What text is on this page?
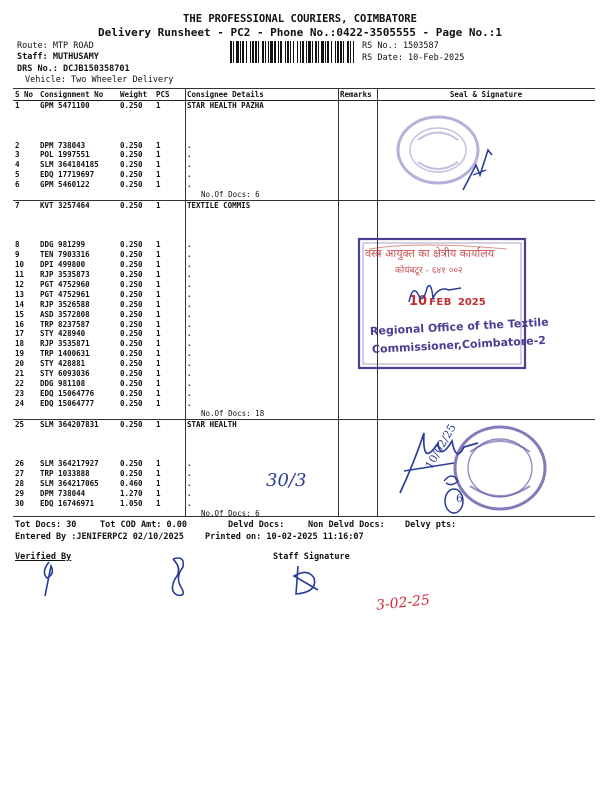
THE PROFESSIONAL COURIERS, COIMBATORE
Delivery Runsheet - PC2 - Phone No.:0422-3505555 - Page No.:1
Route: MTP ROAD
Staff: MUTHUSAMY
DRS No.: DCJB150358701
Vehicle: Two Wheeler Delivery
RS No.: 1503587
RS Date: 10-Feb-2025
S No	Consignment No	Weight	PCS	Consignee Details	Remarks	Seal & Signature
1	GPM 5471100	0.250	1	STAR HEALTH PAZHA		

2	DPM 738043	0.250	1	.		
3	POL 1997551	0.250	1	.		
4	SLM 364184185	0.250	1	.		
5	EDQ 17719697	0.250	1	.		
6	GPM 5460122	0.250	1	.		
				No.Of Docs: 6		
7	KVT 3257464	0.250	1	TEXTILE COMMIS		

8	DDG 981299	0.250	1	.		
9	TEN 7903316	0.250	1	.		
10	DPI 499800	0.250	1	.		
11	RJP 3535873	0.250	1	.		
12	PGT 4752960	0.250	1	.		
13	PGT 4752961	0.250	1	.		
14	RJP 3526588	0.250	1	.		
15	ASD 3572808	0.250	1	.		
16	TRP 8237587	0.250	1	.		
17	STY 428940	0.250	1	.		
18	RJP 3535871	0.250	1	.		
19	TRP 1400631	0.250	1	.		
20	STY 428881	0.250	1	.		
21	STY 6093036	0.250	1	.		
22	DDG 981108	0.250	1	.		
23	EDQ 15064776	0.250	1	.		
24	EDQ 15064777	0.250	1	.		
				No.Of Docs: 18		
25	SLM 364207831	0.250	1	STAR HEALTH		

26	SLM 364217927	0.250	1	.		
27	TRP 1033888	0.250	1	.		
28	SLM 364217065	0.460	1	.		
29	DPM 738044	1.270	1	.		
30	EDQ 16746971	1.050	1	.		
				No.Of Docs: 6		
Tot Docs: 30	Tot COD Amt: 0.00	Delvd Docs:	Non Delvd Docs: Delvy pts:
Entered By :JENIFERPC2 02/10/2025 Printed on: 10-02-2025 11:16:07
Verified By	Staff Signature
वस्त्र आयुक्त का क्षेत्रीय कार्यालय
कोयंबटूर - ६४१ ००२
10 FEB 2025
Regional Office of the Textile
Commissioner,Coimbatore-2
10/02/25
6
30/3
3-02-25
